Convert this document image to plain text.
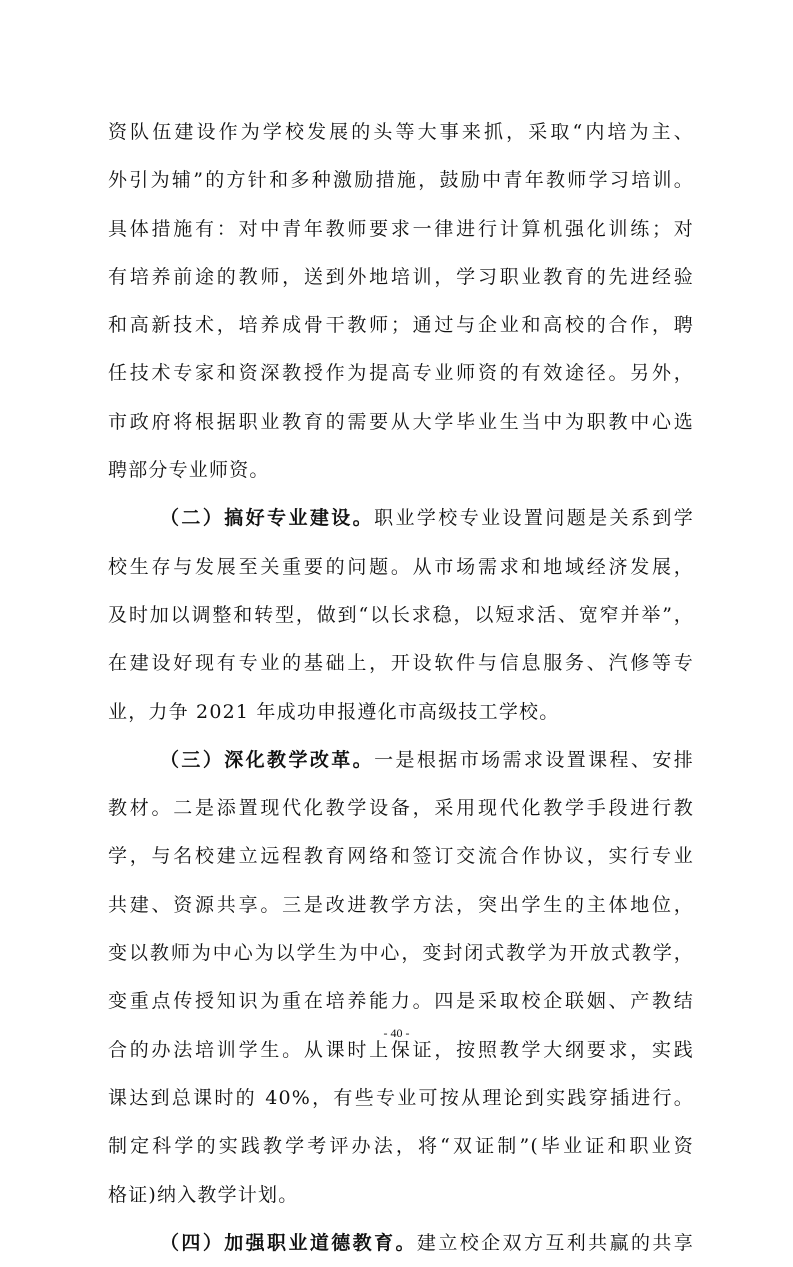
资队伍建设作为学校发展的头等大事来抓，采取“内培为主、
外引为辅”的方针和多种激励措施，鼓励中青年教师学习培训。
具体措施有：对中青年教师要求一律进行计算机强化训练；对
有培养前途的教师，送到外地培训，学习职业教育的先进经验
和高新技术，培养成骨干教师；通过与企业和高校的合作，聘
任技术专家和资深教授作为提高专业师资的有效途径。另外，
市政府将根据职业教育的需要从大学毕业生当中为职教中心选
聘部分专业师资。
（二）搞好专业建设。职业学校专业设置问题是关系到学
校生存与发展至关重要的问题。从市场需求和地域经济发展，
及时加以调整和转型，做到“以长求稳，以短求活、宽窄并举”，
在建设好现有专业的基础上，开设软件与信息服务、汽修等专
业，力争 2021 年成功申报遵化市高级技工学校。
（三）深化教学改革。一是根据市场需求设置课程、安排
教材。二是添置现代化教学设备，采用现代化教学手段进行教
学，与名校建立远程教育网络和签订交流合作协议，实行专业
共建、资源共享。三是改进教学方法，突出学生的主体地位，
变以教师为中心为以学生为中心，变封闭式教学为开放式教学，
变重点传授知识为重在培养能力。四是采取校企联姻、产教结
合的办法培训学生。从课时上保证，按照教学大纲要求，实践
课达到总课时的 40%，有些专业可按从理论到实践穿插进行。
制定科学的实践教学考评办法，将“双证制”(毕业证和职业资
格证)纳入教学计划。
（四）加强职业道德教育。建立校企双方互利共赢的共享
- 40 -
